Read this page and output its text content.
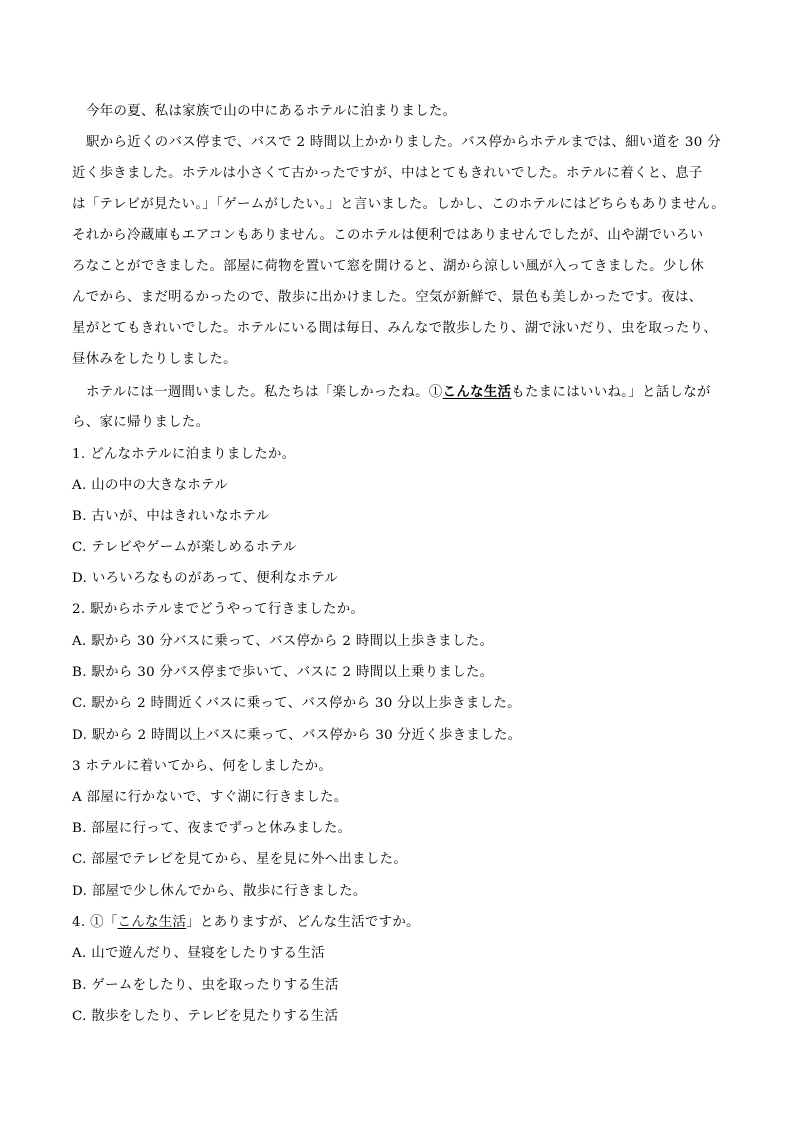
今年の夏、私は家族で山の中にあるホテルに泊まりました。
駅から近くのバス停まで、バスで 2 時間以上かかりました。バス停からホテルまでは、細い道を 30 分
近く歩きました。ホテルは小さくて古かったですが、中はとてもきれいでした。ホテルに着くと、息子
は「テレビが見たい。」「ゲームがしたい。」と言いました。しかし、このホテルにはどちらもありません。
それから冷蔵庫もエアコンもありません。このホテルは便利ではありませんでしたが、山や湖でいろい
ろなことができました。部屋に荷物を置いて窓を開けると、湖から涼しい風が入ってきました。少し休
んでから、まだ明るかったので、散歩に出かけました。空気が新鮮で、景色も美しかったです。夜は、
星がとてもきれいでした。ホテルにいる間は毎日、みんなで散歩したり、湖で泳いだり、虫を取ったり、
昼休みをしたりしました。
ホテルには一週間いました。私たちは「楽しかったね。①こんな生活もたまにはいいね。」と話しなが
ら、家に帰りました。
1. どんなホテルに泊まりましたか。
A. 山の中の大きなホテル
B. 古いが、中はきれいなホテル
C. テレビやゲームが楽しめるホテル
D. いろいろなものがあって、便利なホテル
2. 駅からホテルまでどうやって行きましたか。
A. 駅から 30 分バスに乗って、バス停から 2 時間以上歩きました。
B. 駅から 30 分バス停まで歩いて、バスに 2 時間以上乗りました。
C. 駅から 2 時間近くバスに乗って、バス停から 30 分以上歩きました。
D. 駅から 2 時間以上バスに乗って、バス停から 30 分近く歩きました。
3 ホテルに着いてから、何をしましたか。
A 部屋に行かないで、すぐ湖に行きました。
B. 部屋に行って、夜までずっと休みました。
C. 部屋でテレビを見てから、星を見に外へ出ました。
D. 部屋で少し休んでから、散歩に行きました。
4. ①「こんな生活」とありますが、どんな生活ですか。
A. 山で遊んだり、昼寝をしたりする生活
B. ゲームをしたり、虫を取ったりする生活
C. 散歩をしたり、テレビを見たりする生活
